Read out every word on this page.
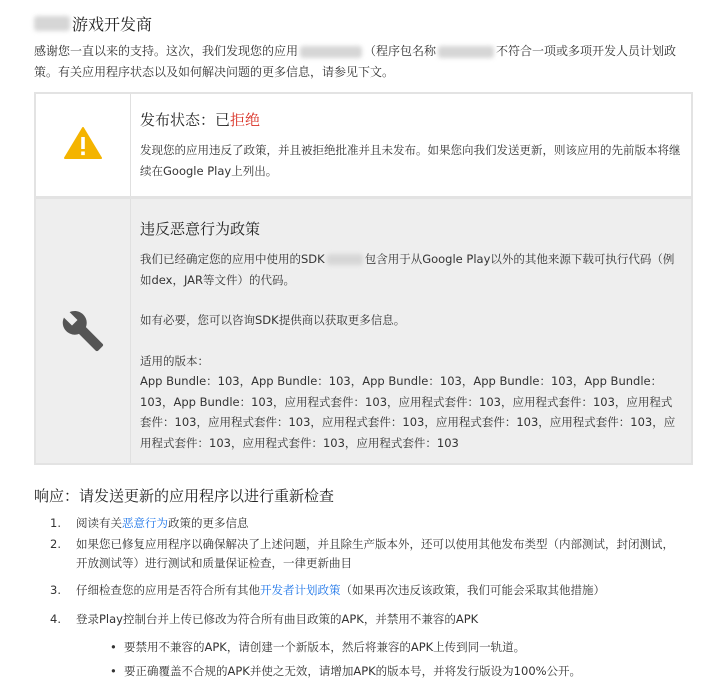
游戏开发商
感谢您一直以来的支持。这次，我们发现您的应用	（程序包名称	不符合一项或多项开发人员计划政策。有关应用程序状态以及如何解决问题的更多信息，请参见下文。
发布状态：已拒绝
发现您的应用违反了政策，并且被拒绝批准并且未发布。如果您向我们发送更新，则该应用的先前版本将继续在Google Play上列出。
违反恶意行为政策

我们已经确定您的应用中使用的SDK	包含用于从Google Play以外的其他来源下载可执行代码（例如dex，JAR等文件）的代码。

如有必要，您可以咨询SDK提供商以获取更多信息。

适用的版本：

App Bundle：103，App Bundle：103，App Bundle：103，App Bundle：103，App Bundle：103，App Bundle：103，应用程式套件：103，应用程式套件：103，应用程式套件：103，应用程式套件：103，应用程式套件：103，应用程式套件：103，应用程式套件：103，应用程式套件：103，应用程式套件：103，应用程式套件：103，应用程式套件：103

响应：请发送更新的应用程序以进行重新检查
1. 阅读有关恶意行为政策的更多信息
2. 如果您已修复应用程序以确保解决了上述问题，并且除生产版本外，还可以使用其他发布类型（内部测试，封闭测试，开放测试等）进行测试和质量保证检查，一律更新曲目
3. 仔细检查您的应用是否符合所有其他开发者计划政策（如果再次违反该政策，我们可能会采取其他措施）
4. 登录Play控制台并上传已修改为符合所有曲目政策的APK，并禁用不兼容的APK
• 要禁用不兼容的APK，请创建一个新版本，然后将兼容的APK上传到同一轨道。
• 要正确覆盖不合规的APK并使之无效，请增加APK的版本号，并将发行版设为100%公开。
